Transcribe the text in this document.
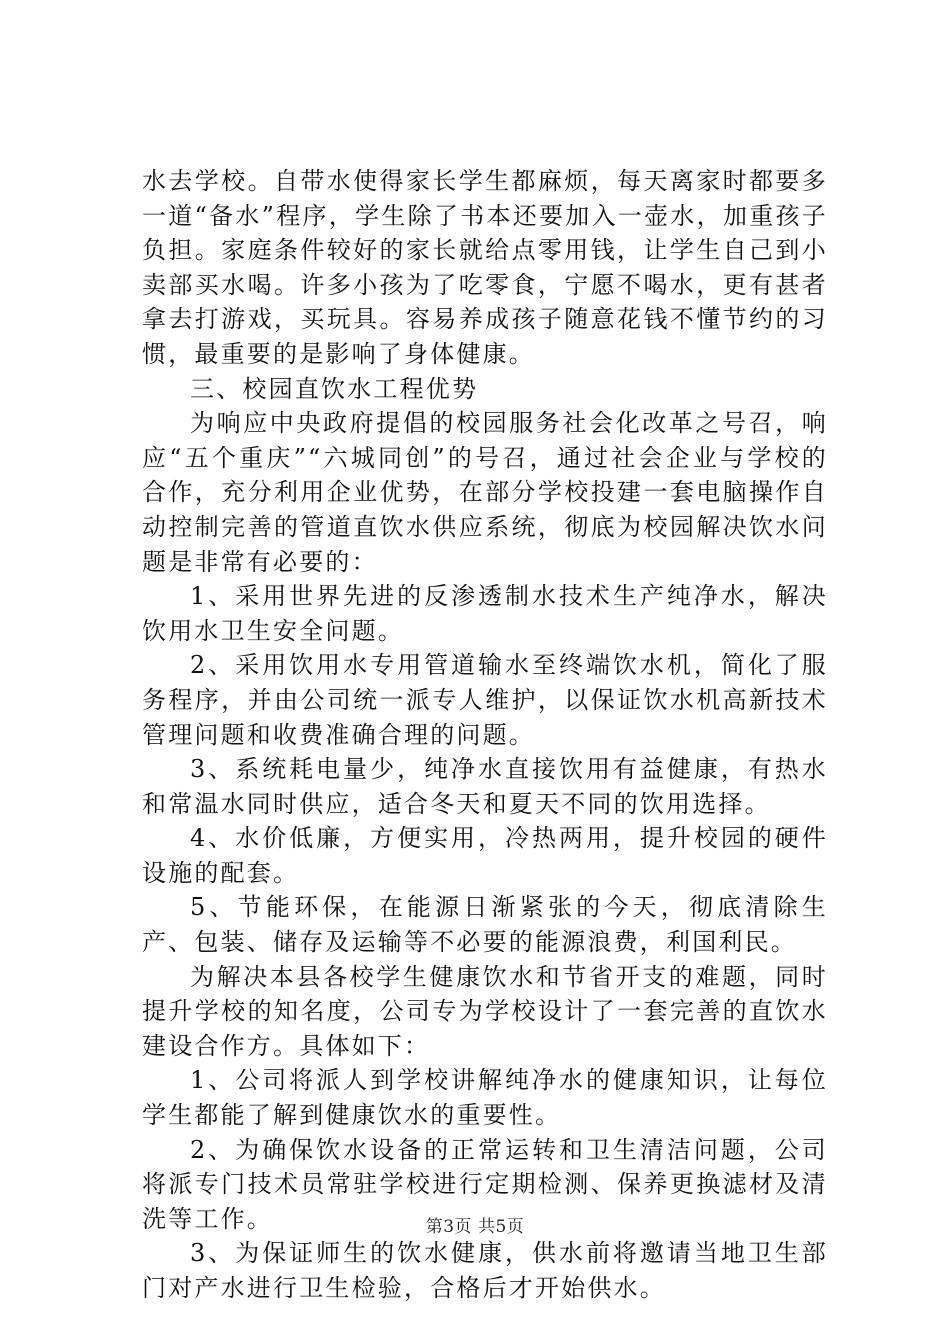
水去学校。自带水使得家长学生都麻烦，每天离家时都要多一道“备水”程序，学生除了书本还要加入一壶水，加重孩子负担。家庭条件较好的家长就给点零用钱，让学生自己到小卖部买水喝。许多小孩为了吃零食，宁愿不喝水，更有甚者拿去打游戏，买玩具。容易养成孩子随意花钱不懂节约的习惯，最重要的是影响了身体健康。

三、校园直饮水工程优势

为响应中央政府提倡的校园服务社会化改革之号召，响应“五个重庆”“六城同创”的号召，通过社会企业与学校的合作，充分利用企业优势，在部分学校投建一套电脑操作自动控制完善的管道直饮水供应系统，彻底为校园解决饮水问题是非常有必要的：

1、采用世界先进的反渗透制水技术生产纯净水，解决饮用水卫生安全问题。

2、采用饮用水专用管道输水至终端饮水机，简化了服务程序，并由公司统一派专人维护，以保证饮水机高新技术管理问题和收费准确合理的问题。

3、系统耗电量少，纯净水直接饮用有益健康，有热水和常温水同时供应，适合冬天和夏天不同的饮用选择。

4、水价低廉，方便实用，冷热两用，提升校园的硬件设施的配套。

5、节能环保，在能源日渐紧张的今天，彻底清除生产、包装、储存及运输等不必要的能源浪费，利国利民。

为解决本县各校学生健康饮水和节省开支的难题，同时提升学校的知名度，公司专为学校设计了一套完善的直饮水建设合作方。具体如下：

1、公司将派人到学校讲解纯净水的健康知识，让每位学生都能了解到健康饮水的重要性。

2、为确保饮水设备的正常运转和卫生清洁问题，公司将派专门技术员常驻学校进行定期检测、保养更换滤材及清洗等工作。

3、为保证师生的饮水健康，供水前将邀请当地卫生部门对产水进行卫生检验，合格后才开始供水。

第3页 共5页
